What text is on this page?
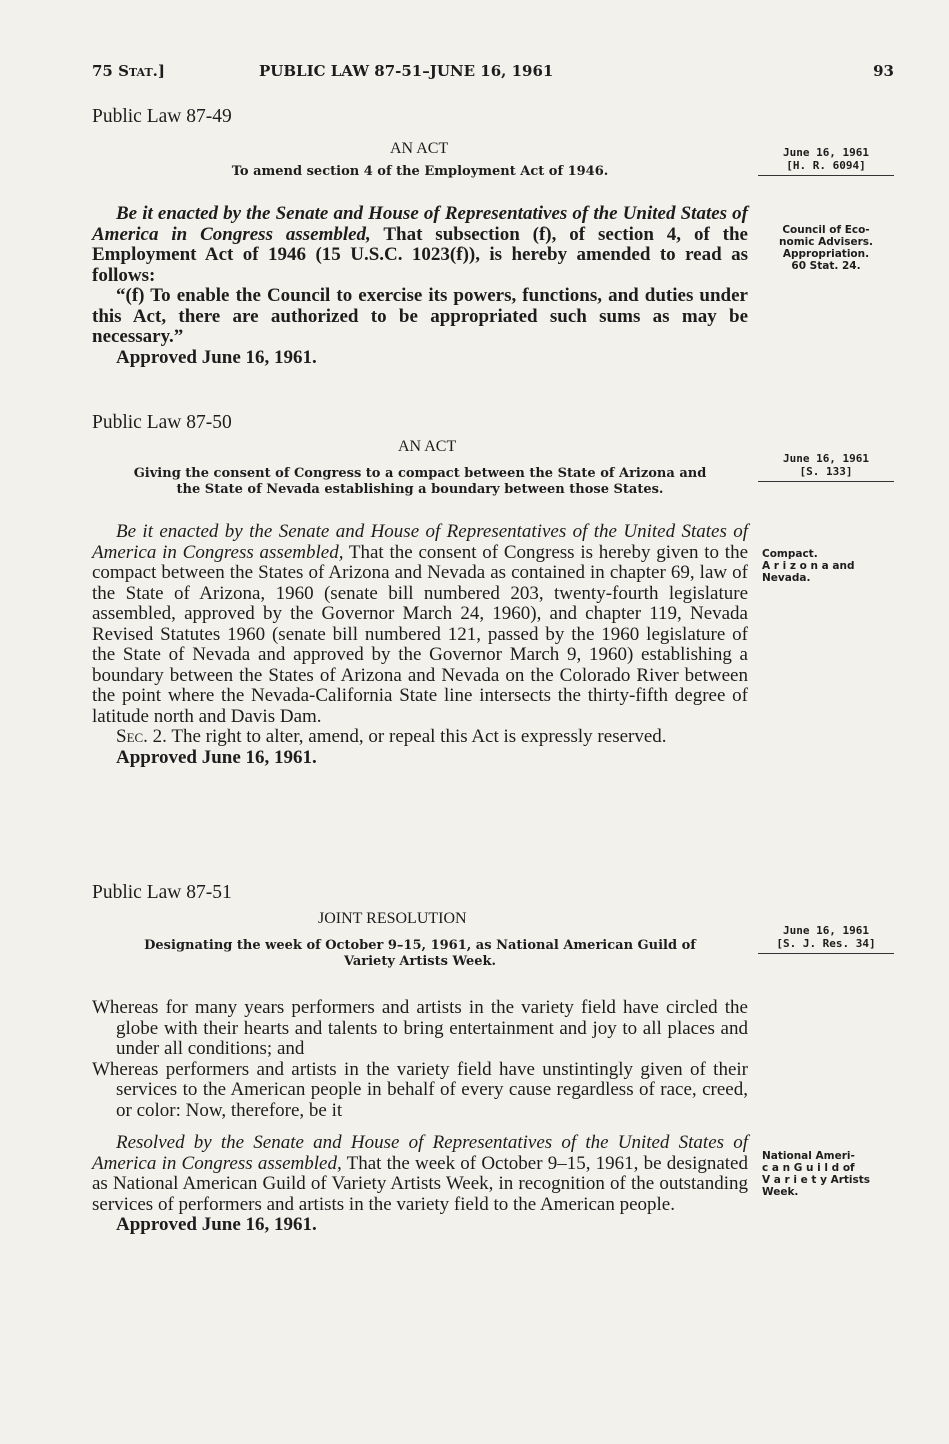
75 Stat.]	PUBLIC LAW 87-51–JUNE 16, 1961	93
Public Law 87-49
AN ACT
To amend section 4 of the Employment Act of 1946.
June 16, 1961
[H. R. 6094]
Council of Eco-
nomic Advisers.
Appropriation.
60 Stat. 24.

Be it enacted by the Senate and House of Representatives of the United States of America in Congress assembled, That subsection (f), of section 4, of the Employment Act of 1946 (15 U.S.C. 1023(f)), is hereby amended to read as follows:

“(f) To enable the Council to exercise its powers, functions, and duties under this Act, there are authorized to be appropriated such sums as may be necessary.”

Approved June 16, 1961.

Public Law 87-50
AN ACT
Giving the consent of Congress to a compact between the State of Arizona and
the State of Nevada establishing a boundary between those States.
June 16, 1961
[S. 133]
Compact.
A r i z o n a and
Nevada.

Be it enacted by the Senate and House of Representatives of the United States of America in Congress assembled, That the consent of Congress is hereby given to the compact between the States of Arizona and Nevada as contained in chapter 69, law of the State of Arizona, 1960 (senate bill numbered 203, twenty-fourth legislature assembled, approved by the Governor March 24, 1960), and chapter 119, Nevada Revised Statutes 1960 (senate bill numbered 121, passed by the 1960 legislature of the State of Nevada and approved by the Governor March 9, 1960) establishing a boundary between the States of Arizona and Nevada on the Colorado River between the point where the Nevada-California State line intersects the thirty-fifth degree of latitude north and Davis Dam.

Sec. 2. The right to alter, amend, or repeal this Act is expressly reserved.

Approved June 16, 1961.

Public Law 87-51
JOINT RESOLUTION
Designating the week of October 9–15, 1961, as National American Guild of
Variety Artists Week.
June 16, 1961
[S. J. Res. 34]
National Ameri-
c a n G u i l d of
V a r i e t y Artists
Week.

Whereas for many years performers and artists in the variety field have circled the globe with their hearts and talents to bring entertainment and joy to all places and under all conditions; and

Whereas performers and artists in the variety field have unstintingly given of their services to the American people in behalf of every cause regardless of race, creed, or color: Now, therefore, be it

Resolved by the Senate and House of Representatives of the United States of America in Congress assembled, That the week of October 9–15, 1961, be designated as National American Guild of Variety Artists Week, in recognition of the outstanding services of performers and artists in the variety field to the American people.

Approved June 16, 1961.
